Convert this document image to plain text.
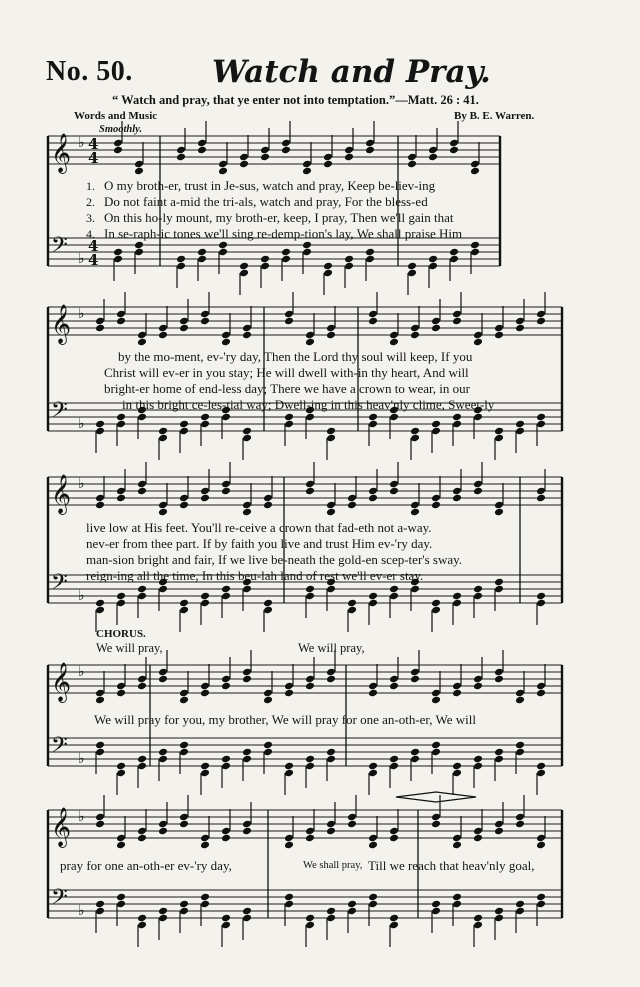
No. 50.	Watch and Pray.
“ Watch and pray, that ye enter not into temptation.”—Matt. 26 : 41.
Words and Music	By B. E. Warren.
Smoothly.
𝄞 ♭
𝄢 ♭
4
4
4
4
𝄞 ♭
𝄢 ♭
𝄞 ♭
𝄢 ♭
𝄞 ♭
𝄢 ♭
𝄞 ♭
𝄢 ♭
1. O my broth-er, trust in Je-sus, watch and pray, Keep be-liev-ing
2. Do not faint a-mid the tri-als, watch and pray, For the bless-ed
3. On this ho-ly mount, my broth-er, keep, I pray, Then we'll gain that
4. In se-raph-ic tones we'll sing re-demp-tion's lay, We shall praise Him
by the mo-ment, ev-'ry day, Then the Lord thy soul will keep, If you
Christ will ev-er in you stay; He will dwell with-in thy heart, And will
bright-er home of end-less day; There we have a crown to wear, in our
in this bright ce-les-tial way; Dwell-ing in this heav'nly clime, Sweet-ly
live low at His feet. You'll re-ceive a crown that fad-eth not a-way.
nev-er from thee part. If by faith you live and trust Him ev-'ry day.
man-sion bright and fair, If we live be-neath the gold-en scep-ter's sway.
reign-ing all the time, In this beu-lah land of rest we'll ev-er stay.
CHORUS.
We will pray,	We will pray,
We will pray for you, my brother, We will pray for one an-oth-er, We will
pray for one an-oth-er ev-'ry day,	We shall pray, Till we reach that heav'nly goal,
